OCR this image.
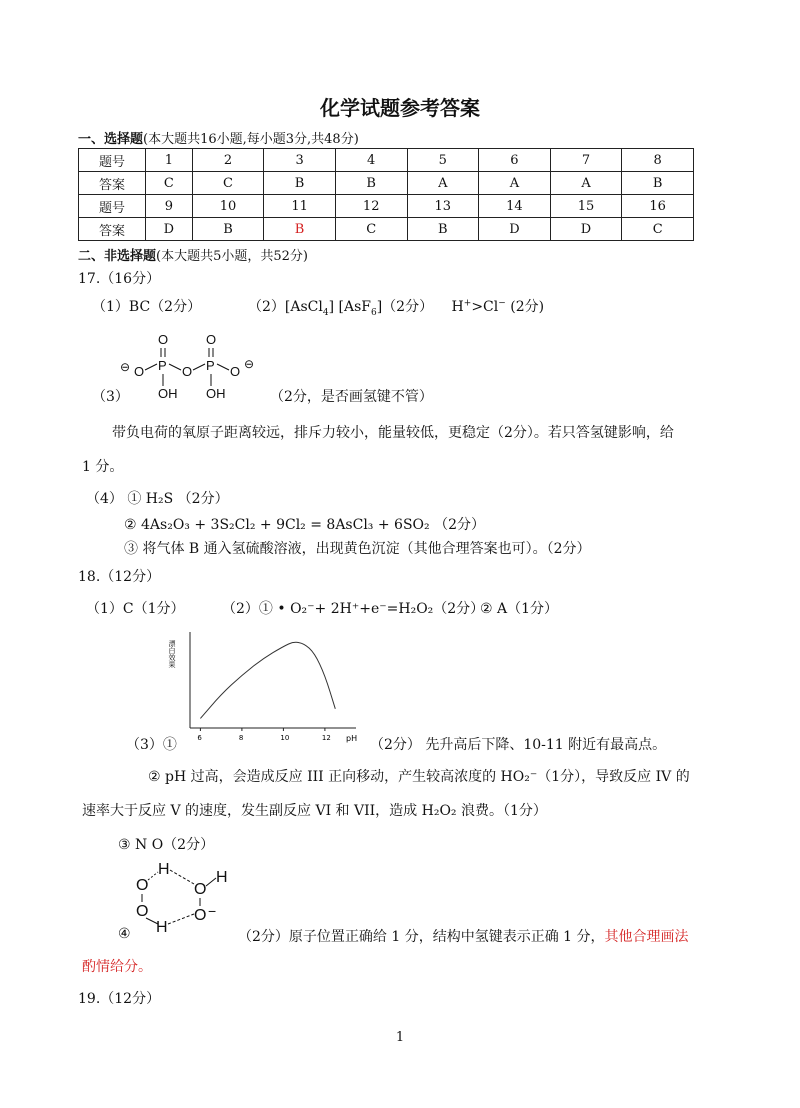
化学试题参考答案
一、选择题(本大题共16小题,每小题3分,共48分)
题号	1	2	3	4	5	6	7	8
答案	C	C	B	B	A	A	A	B
题号	9	10	11	12	13	14	15	16
答案	D	B	B	C	B	D	D	C
二、非选择题(本大题共5小题，共52分)
17.（16分）
（1）BC（2分）	（2）[AsCl$_4$] [AsF$_6$]（2分） H+>Cl− (2分)
⊖ O P
O
O P
O
O ⊖
OH OH
（3）	（2分，是否画氢键不管）
带负电荷的氧原子距离较远，排斥力较小，能量较低，更稳定（2分）。若只答氢键影响，给
1 分。
（4） ① H₂S （2分）
② 4As₂O₃ + 3S₂Cl₂ + 9Cl₂ = 8AsCl₃ + 6SO₂ （2分）
③ 将气体 B 通入氢硫酸溶液，出现黄色沉淀（其他合理答案也可）。（2分）
18.（12分）
（1）C（1分）	（2）① • O₂⁻+ 2H⁺+e⁻=H₂O₂（2分）
② A（1分）
漂白效果
pH
6	8	10	12
（3）①	（2分） 先升高后下降、10-11 附近有最高点。
② pH 过高，会造成反应 III 正向移动，产生较高浓度的 HO₂⁻（1分），导致反应 IV 的
速率大于反应 V 的速度，发生副反应 VI 和 VII，造成 H₂O₂ 浪费。（1分）
③ N O（2分）
H
O	O
H
O	O −
H
④	（2分）原子位置正确给 1 分，结构中氢键表示正确 1 分，其他合理画法
酌情给分。
19.（12分）
1
